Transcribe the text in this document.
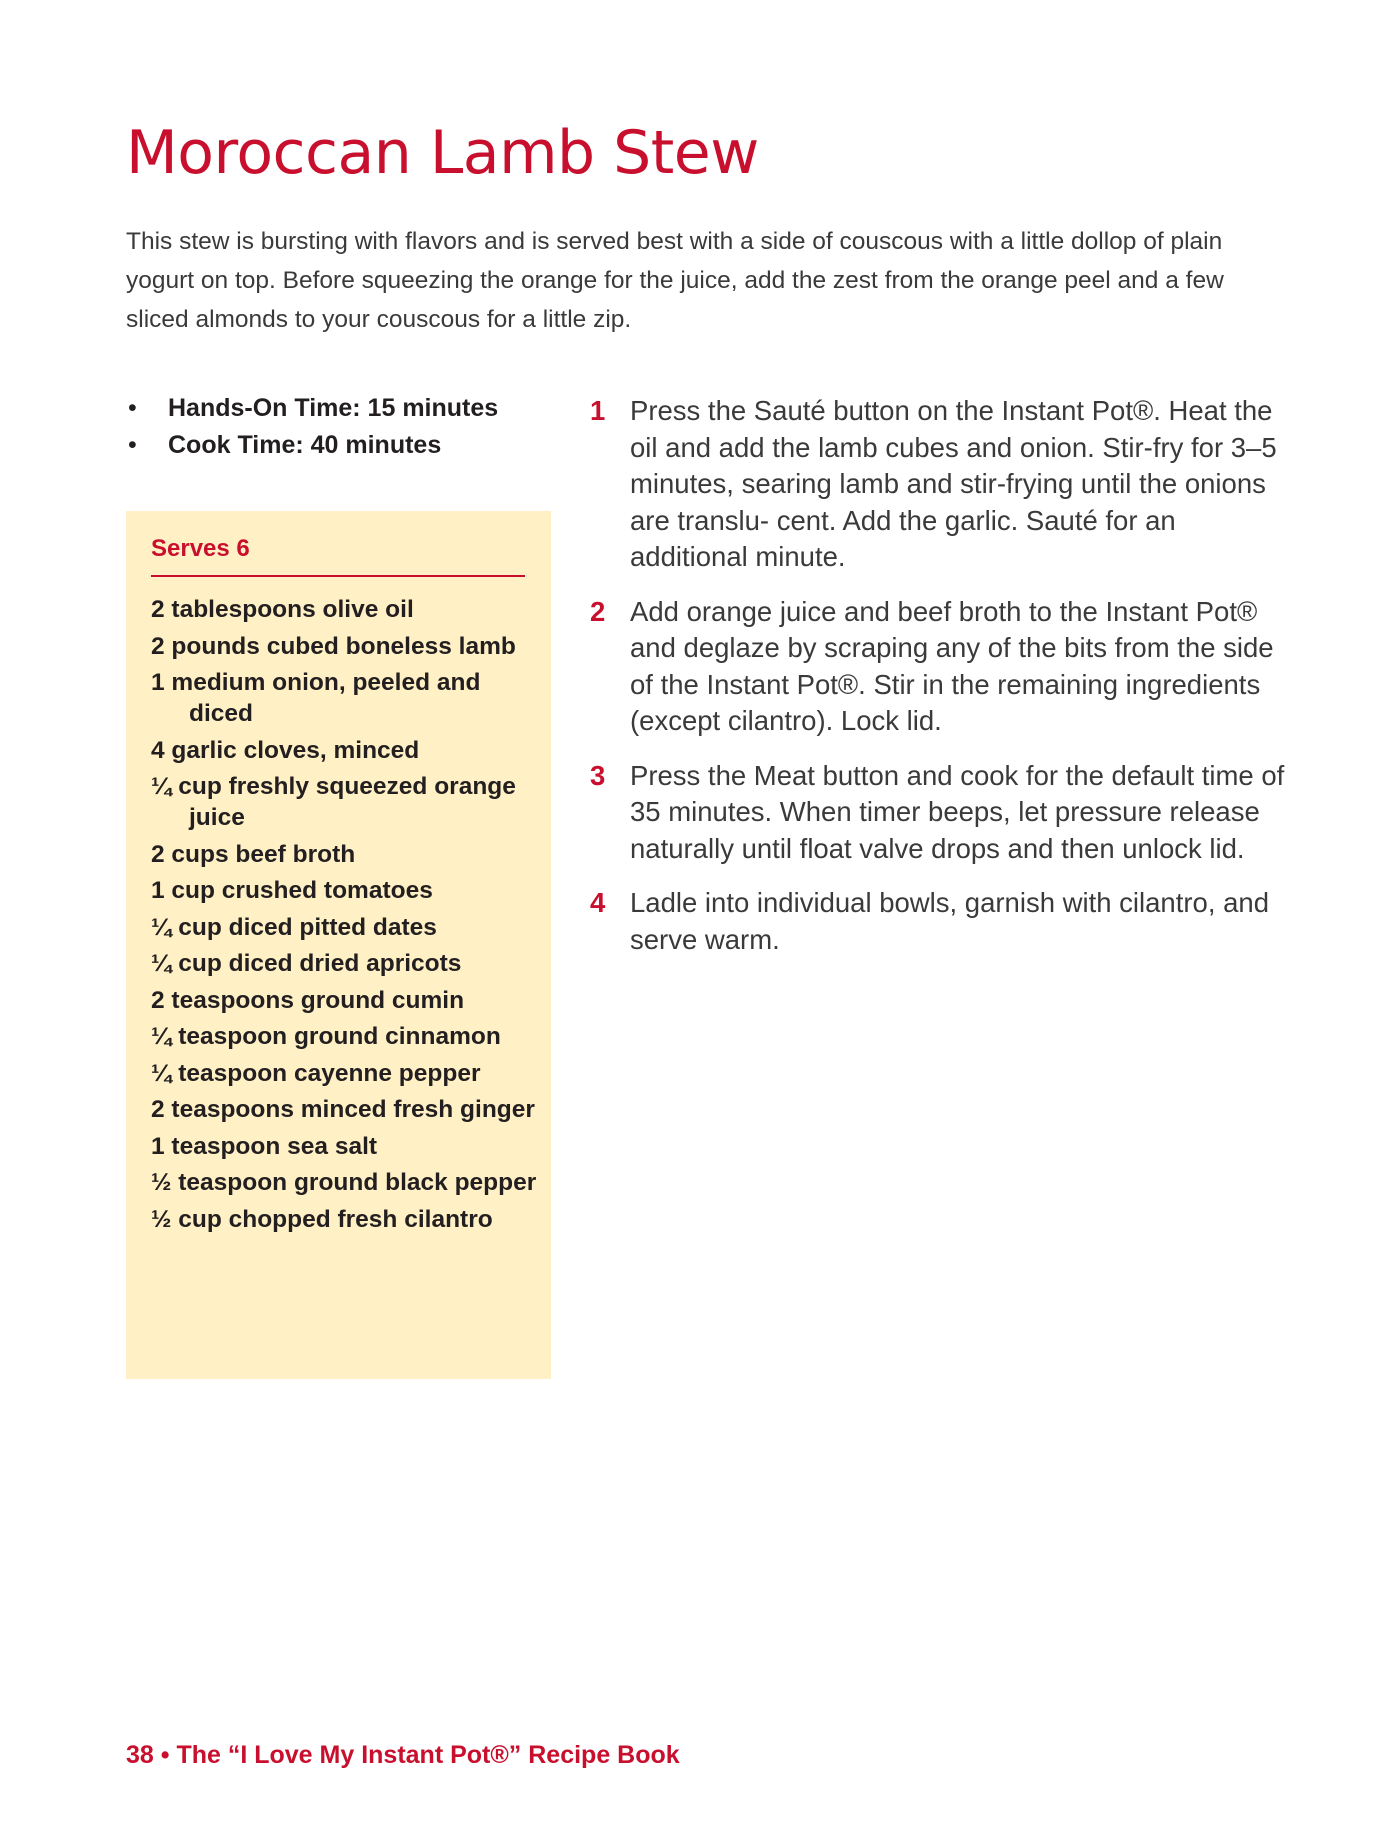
Moroccan Lamb Stew

This stew is bursting with flavors and is served best with a side of couscous with a little dollop of plain yogurt on top. Before squeezing the orange for the juice, add the zest from the orange peel and a few sliced almonds to your couscous for a little zip.

• Hands-On Time: 15 minutes
• Cook Time: 40 minutes
Serves 6
2 tablespoons olive oil
2 pounds cubed boneless lamb
1 medium onion, peeled and diced
4 garlic cloves, minced
¼ cup freshly squeezed orange juice
2 cups beef broth
1 cup crushed tomatoes
¼ cup diced pitted dates
¼ cup diced dried apricots
2 teaspoons ground cumin
¼ teaspoon ground cinnamon
¼ teaspoon cayenne pepper
2 teaspoons minced fresh ginger
1 teaspoon sea salt
½ teaspoon ground black pepper
½ cup chopped fresh cilantro
1 Press the Sauté button on the Instant Pot®. Heat the oil and add the lamb cubes and onion. Stir-fry for 3–5 minutes, searing lamb and stir-frying until the onions are translu- cent. Add the garlic. Sauté for an additional minute.
2 Add orange juice and beef broth to the Instant Pot® and deglaze by scraping any of the bits from the side of the Instant Pot®. Stir in the remaining ingredients (except cilantro). Lock lid.
3 Press the Meat button and cook for the default time of 35 minutes. When timer beeps, let pressure release naturally until float valve drops and then unlock lid.
4 Ladle into individual bowls, garnish with cilantro, and serve warm.

38 • The “I Love My Instant Pot®” Recipe Book
